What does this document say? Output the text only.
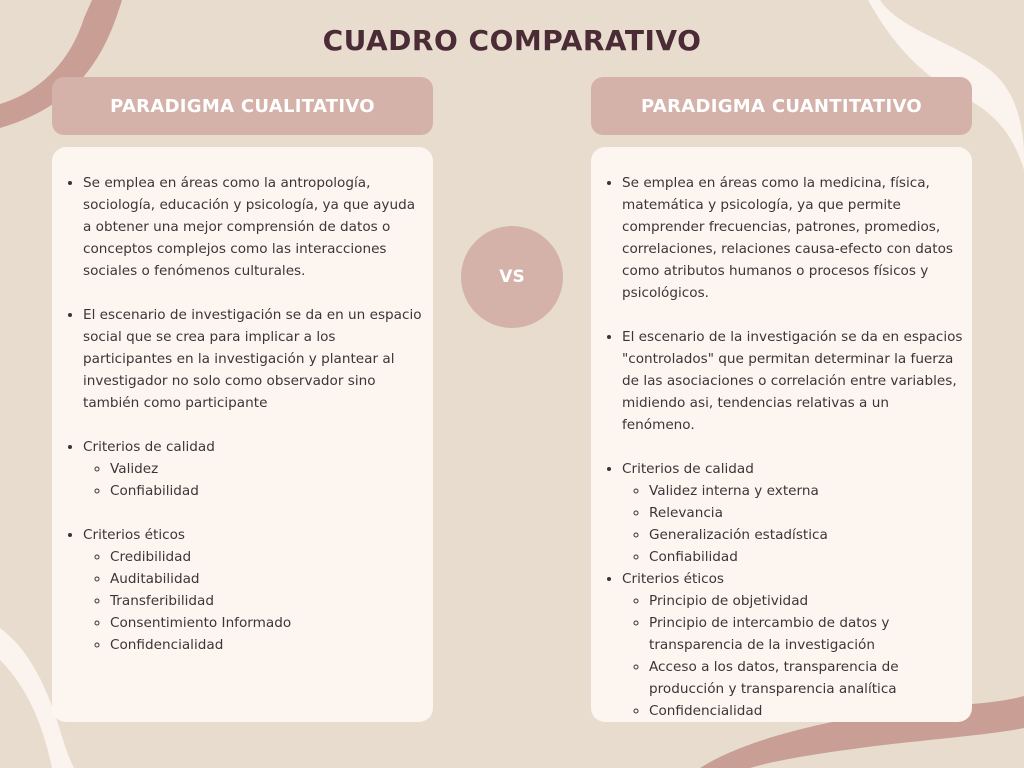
CUADRO COMPARATIVO
PARADIGMA CUALITATIVO	PARADIGMA CUANTITATIVO
VS
• Se emplea en áreas como la antropología, sociología, educación y psicología, ya que ayuda a obtener una mejor comprensión de datos o conceptos complejos como las interacciones sociales o fenómenos culturales.
• El escenario de investigación se da en un espacio social que se crea para implicar a los participantes en la investigación y plantear al investigador no solo como observador sino también como participante
• Criterios de calidad
◦ Validez
◦ Confiabilidad
• Criterios éticos
◦ Credibilidad
◦ Auditabilidad
◦ Transferibilidad
◦ Consentimiento Informado
◦ Confidencialidad
• Se emplea en áreas como la medicina, física, matemática y psicología, ya que permite comprender frecuencias, patrones, promedios, correlaciones, relaciones causa-efecto con datos como atributos humanos o procesos físicos y psicológicos.
• El escenario de la investigación se da en espacios "controlados" que permitan determinar la fuerza de las asociaciones o correlación entre variables, midiendo asi, tendencias relativas a un fenómeno.
• Criterios de calidad
◦ Validez interna y externa
◦ Relevancia
◦ Generalización estadística
◦ Confiabilidad
• Criterios éticos
◦ Principio de objetividad
◦ Principio de intercambio de datos y transparencia de la investigación
◦ Acceso a los datos, transparencia de producción y transparencia analítica
◦ Confidencialidad
